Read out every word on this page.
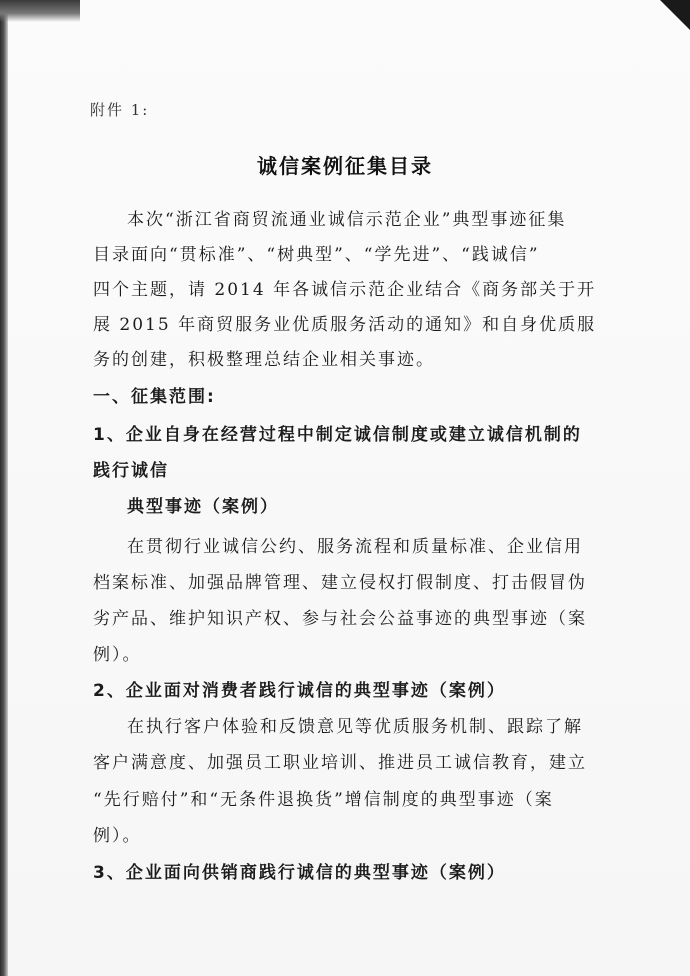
附件 1:
诚信案例征集目录
本次“浙江省商贸流通业诚信示范企业”典型事迹征集
目录面向“贯标准”、“树典型”、“学先进”、“践诚信”
四个主题，请 2014 年各诚信示范企业结合《商务部关于开
展 2015 年商贸服务业优质服务活动的通知》和自身优质服
务的创建，积极整理总结企业相关事迹。
一、征集范围:
1、企业自身在经营过程中制定诚信制度或建立诚信机制的
践行诚信
典型事迹（案例）
在贯彻行业诚信公约、服务流程和质量标准、企业信用
档案标准、加强品牌管理、建立侵权打假制度、打击假冒伪
劣产品、维护知识产权、参与社会公益事迹的典型事迹（案
例）。
2、企业面对消费者践行诚信的典型事迹（案例）
在执行客户体验和反馈意见等优质服务机制、跟踪了解
客户满意度、加强员工职业培训、推进员工诚信教育，建立
“先行赔付”和“无条件退换货”增信制度的典型事迹（案
例）。
3、企业面向供销商践行诚信的典型事迹（案例）
